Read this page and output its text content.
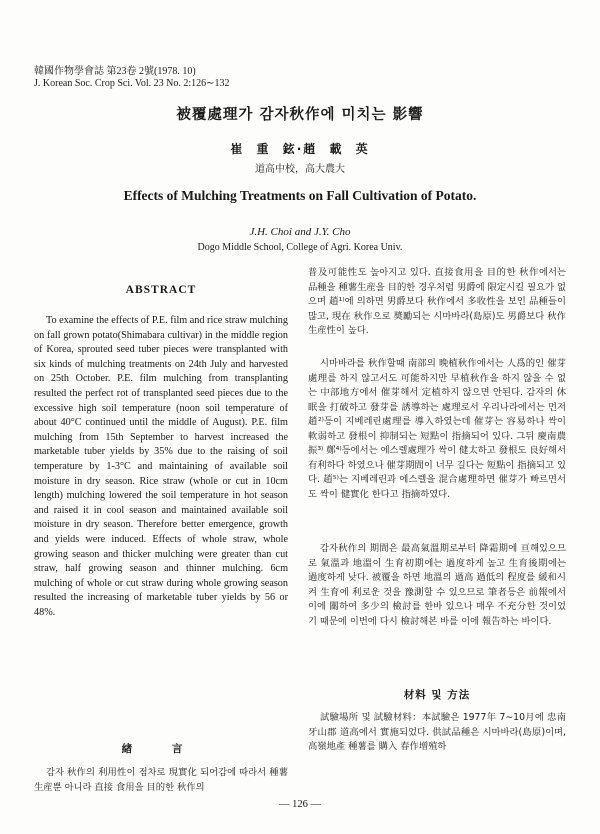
韓國作物學會誌 第23卷 2號(1978. 10)
J. Korean Soc. Crop Sci. Vol. 23 No. 2:126∼132
被覆處理가 감자秋作에 미치는 影響
崔 重 鉉·趙 載 英
道高中校，高大農大
Effects of Mulching Treatments on Fall Cultivation of Potato.
J.H. Choi and J.Y. Cho
Dogo Middle School, College of Agri. Korea Univ.
ABSTRACT
To examine the effects of P.E. film and rice straw mulching on fall grown potato(Shimabara cultivar) in the middle region of Korea, sprouted seed tuber pieces were transplanted with six kinds of mulching treatments on 24th July and harvested on 25th October. P.E. film mulching from transplanting resulted the perfect rot of transplanted seed pieces due to the excessive high soil temperature (noon soil temperature of about 40°C continued until the middle of August). P.E. film mulching from 15th September to harvest increased the marketable tuber yields by 35% due to the raising of soil temperature by 1-3°C and maintaining of available soil moisture in dry season. Rice straw (whole or cut in 10cm length) mulching lowered the soil temperature in hot season and raised it in cool season and maintained available soil moisture in dry season. Therefore better emergence, growth and yields were induced. Effects of whole straw, whole growing season and thicker mulching were greater than cut straw, half growing season and thinner mulching. 6cm mulching of whole or cut straw during whole growing season resulted the increasing of marketable tuber yields by 56 or 48%.
緖 言
감자 秋作의 利用性이 점차로 現實化 되어감에 따라서 種薯生産뿐 아니라 直接 食用을 目的한 秋作의

普及可能性도 높아지고 있다. 直接食用을 目的한 秋作에서는 品種을 種薯生産을 目的한 경우처럼 男爵에 限定시킬 필요가 없으며 趙¹⁾에 의하면 男爵보다 秋作에서 多收性을 보인 品種들이 많고, 現在 秋作으로 奬勵되는 시마바라(島原)도 男爵보다 秋作生産性이 높다.

시마바라를 秋作할때 南部의 晩植秋作에서는 人爲的인 催芽處理를 하지 않고서도 可能하지만 早植秋作을 하지 않을 수 없는 中部地方에서 催芽해서 定植하지 않으면 안된다. 감자의 休眠을 打破하고 發芽를 誘導하는 處理로서 우리나라에서는 먼저 趙²⁾등이 지베레린處理를 導入하였는데 催芽는 容易하나 싹이 軟弱하고 發根이 抑制되는 短點이 指摘되어 있다. 그뒤 慶南農振³⁾ 鄭⁴⁾등에서는 에스렐處理가 싹이 健太하고 發根도 良好해서 有利하다 하였으나 催芽期間이 너무 길다는 短點이 指摘되고 있다. 趙⁵⁾는 지베레린과 에스렐을 混合處理하면 催芽가 빠르면서도 싹이 健實化 한다고 指摘하였다.

감자秋作의 期間은 最高氣溫期로부터 降霜期에 亘해있으므로 氣溫과 地溫이 生育初期에는 過度하게 높고 生育後期에는 過度하게 낮다. 被覆을 하면 地溫의 過高 過低의 程度를 緩和시켜 生育에 利로운 것을 豫測할 수 있으므로 筆者등은 前報에서 이에 關하여 多少의 檢討를 한바 있으나 매우 不充分한 것이었기 때문에 이번에 다시 檢討해본 바를 이에 報告하는 바이다.

材料 및 方法
試驗場所 및 試驗材料：本試驗은 1977年 7∼10月에 忠南 牙山郡 道高에서 實施되었다. 供試品種은 시마바라(島原)이며, 高嶺地產 種薯를 購入 春作增殖하
— 126 —
